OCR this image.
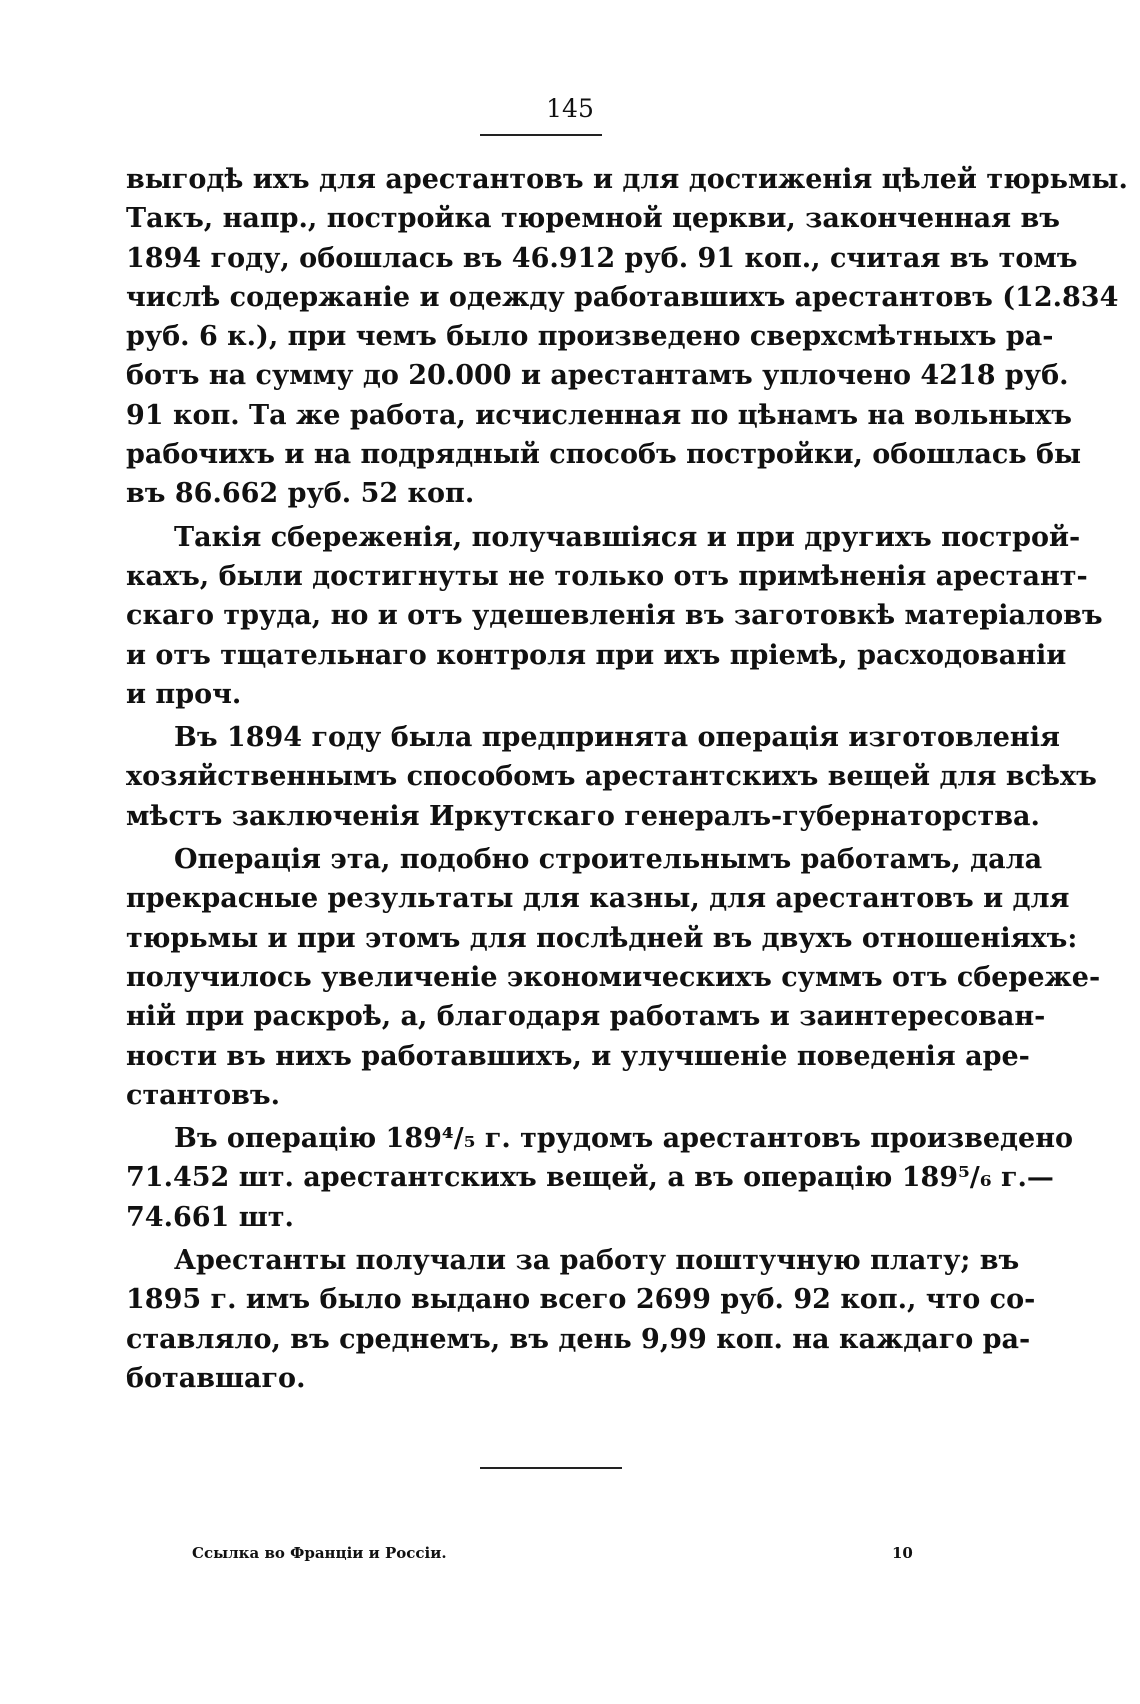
145

выгодѣ ихъ для арестантовъ и для достиженія цѣлей тюрьмы.
Такъ, напр., постройка тюремной церкви, законченная въ
1894 году, обошлась въ 46.912 руб. 91 коп., считая въ томъ
числѣ содержаніе и одежду работавшихъ арестантовъ (12.834
руб. 6 к.), при чемъ было произведено сверхсмѣтныхъ ра-
ботъ на сумму до 20.000 и арестантамъ уплочено 4218 руб.
91 коп. Та же работа, исчисленная по цѣнамъ на вольныхъ
рабочихъ и на подрядный способъ постройки, обошлась бы
въ 86.662 руб. 52 коп.

Такія сбереженія, получавшіяся и при другихъ построй-
кахъ, были достигнуты не только отъ примѣненія арестант-
скаго труда, но и отъ удешевленія въ заготовкѣ матеріаловъ
и отъ тщательнаго контроля при ихъ пріемѣ, расходованіи
и проч.

Въ 1894 году была предпринята операція изготовленія
хозяйственнымъ способомъ арестантскихъ вещей для всѣхъ
мѣстъ заключенія Иркутскаго генералъ-губернаторства.

Операція эта, подобно строительнымъ работамъ, дала
прекрасные результаты для казны, для арестантовъ и для
тюрьмы и при этомъ для послѣдней въ двухъ отношеніяхъ:
получилось увеличеніе экономическихъ суммъ отъ сбереже-
ній при раскроѣ, а, благодаря работамъ и заинтересован-
ности въ нихъ работавшихъ, и улучшеніе поведенія аре-
стантовъ.

Въ операцію 189⁴/₅ г. трудомъ арестантовъ произведено
71.452 шт. арестантскихъ вещей, а въ операцію 189⁵/₆ г.—
74.661 шт.

Арестанты получали за работу поштучную плату; въ
1895 г. имъ было выдано всего 2699 руб. 92 коп., что со-
ставляло, въ среднемъ, въ день 9,99 коп. на каждаго ра-
ботавшаго.

Ссылка во Франціи и Россіи.	10
